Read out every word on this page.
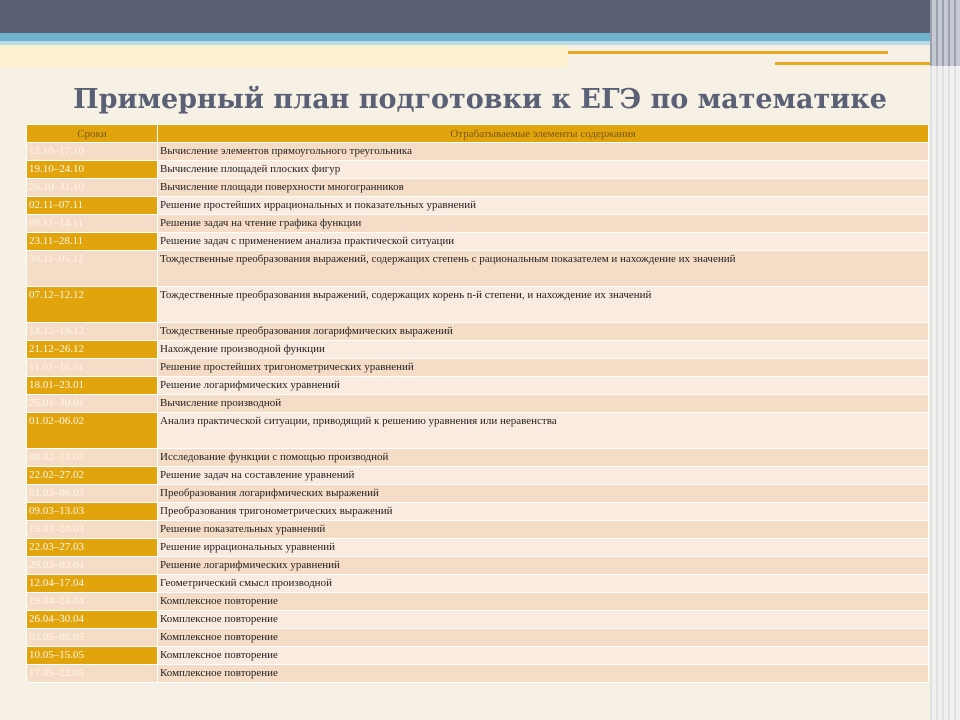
Примерный план подготовки к ЕГЭ по математике
Сроки	Отрабатываемые элементы содержания
12.10–17.10	Вычисление элементов прямоугольного треугольника
19.10–24.10	Вычисление площадей плоских фигур
26.10–31.10	Вычисление площади поверхности многогранников
02.11–07.11	Решение простейших иррациональных и показательных уравнений
09.11–14.11	Решение задач на чтение графика функции
23.11–28.11	Решение задач с применением анализа практической ситуации
30.11–05.12	Тождественные преобразования выражений, содержащих степень с рациональным показателем и нахождение их значений
07.12–12.12	Тождественные преобразования выражений, содержащих корень n-й степени, и нахождение их значений
14.12–19.12	Тождественные преобразования логарифмических выражений
21.12–26.12	Нахождение производной функции
11.01–16.01	Решение простейших тригонометрических уравнений
18.01–23.01	Решение логарифмических уравнений
25.01–30.01	Вычисление производной
01.02–06.02	Анализ практической ситуации, приводящий к решению уравнения или неравенства
08.02–13.02	Исследование функции с помощью производной
22.02–27.02	Решение задач на составление уравнений
01.03–06.03	Преобразования логарифмических выражений
09.03–13.03	Преобразования тригонометрических выражений
15.03–20.03	Решение показательных уравнений
22.03–27.03	Решение иррациональных уравнений
29.03–03.04	Решение логарифмических уравнений
12.04–17.04	Геометрический смысл производной
19.04–24.04	Комплексное повторение
26.04–30.04	Комплексное повторение
03.05–08.05	Комплексное повторение
10.05–15.05	Комплексное повторение
17.05–22.05	Комплексное повторение
